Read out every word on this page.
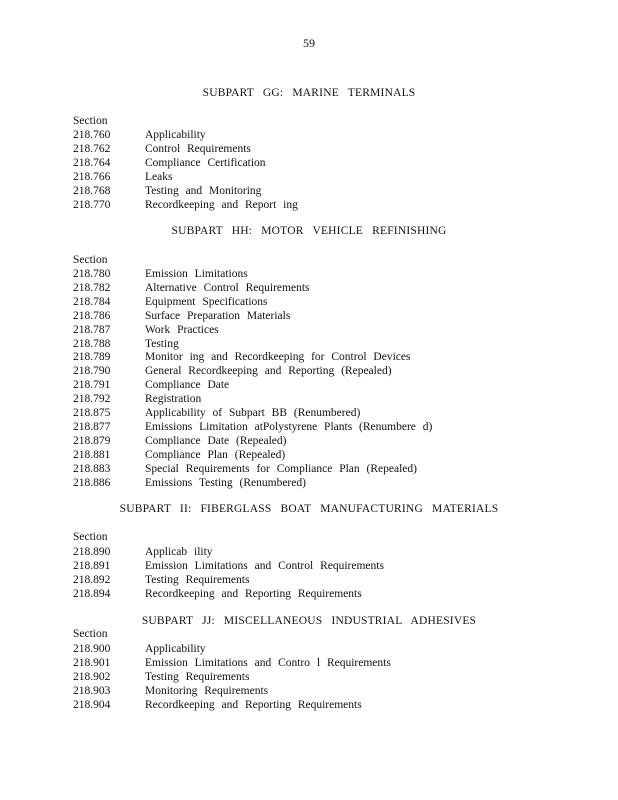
59
SUBPART GG: MARINE TERMINALS
Section
218.760	Applicability
218.762	Control Requirements
218.764	Compliance Certification
218.766	Leaks
218.768	Testing and Monitoring
218.770	Recordkeeping and Report ing
SUBPART HH: MOTOR VEHICLE REFINISHING
Section
218.780	Emission Limitations
218.782	Alternative Control Requirements
218.784	Equipment Specifications
218.786	Surface Preparation Materials
218.787	Work Practices
218.788	Testing
218.789	Monitor ing and Recordkeeping for Control Devices
218.790	General Recordkeeping and Reporting (Repealed)
218.791	Compliance Date
218.792	Registration
218.875	Applicability of Subpart BB (Renumbered)
218.877	Emissions Limitation atPolystyrene Plants (Renumbere d)
218.879	Compliance Date (Repealed)
218.881	Compliance Plan (Repealed)
218.883	Special Requirements for Compliance Plan (Repealed)
218.886	Emissions Testing (Renumbered)
SUBPART II: FIBERGLASS BOAT MANUFACTURING MATERIALS
Section
218.890	Applicab ility
218.891	Emission Limitations and Control Requirements
218.892	Testing Requirements
218.894	Recordkeeping and Reporting Requirements
SUBPART JJ: MISCELLANEOUS INDUSTRIAL ADHESIVES
Section
218.900	Applicability
218.901	Emission Limitations and Contro l Requirements
218.902	Testing Requirements
218.903	Monitoring Requirements
218.904	Recordkeeping and Reporting Requirements
